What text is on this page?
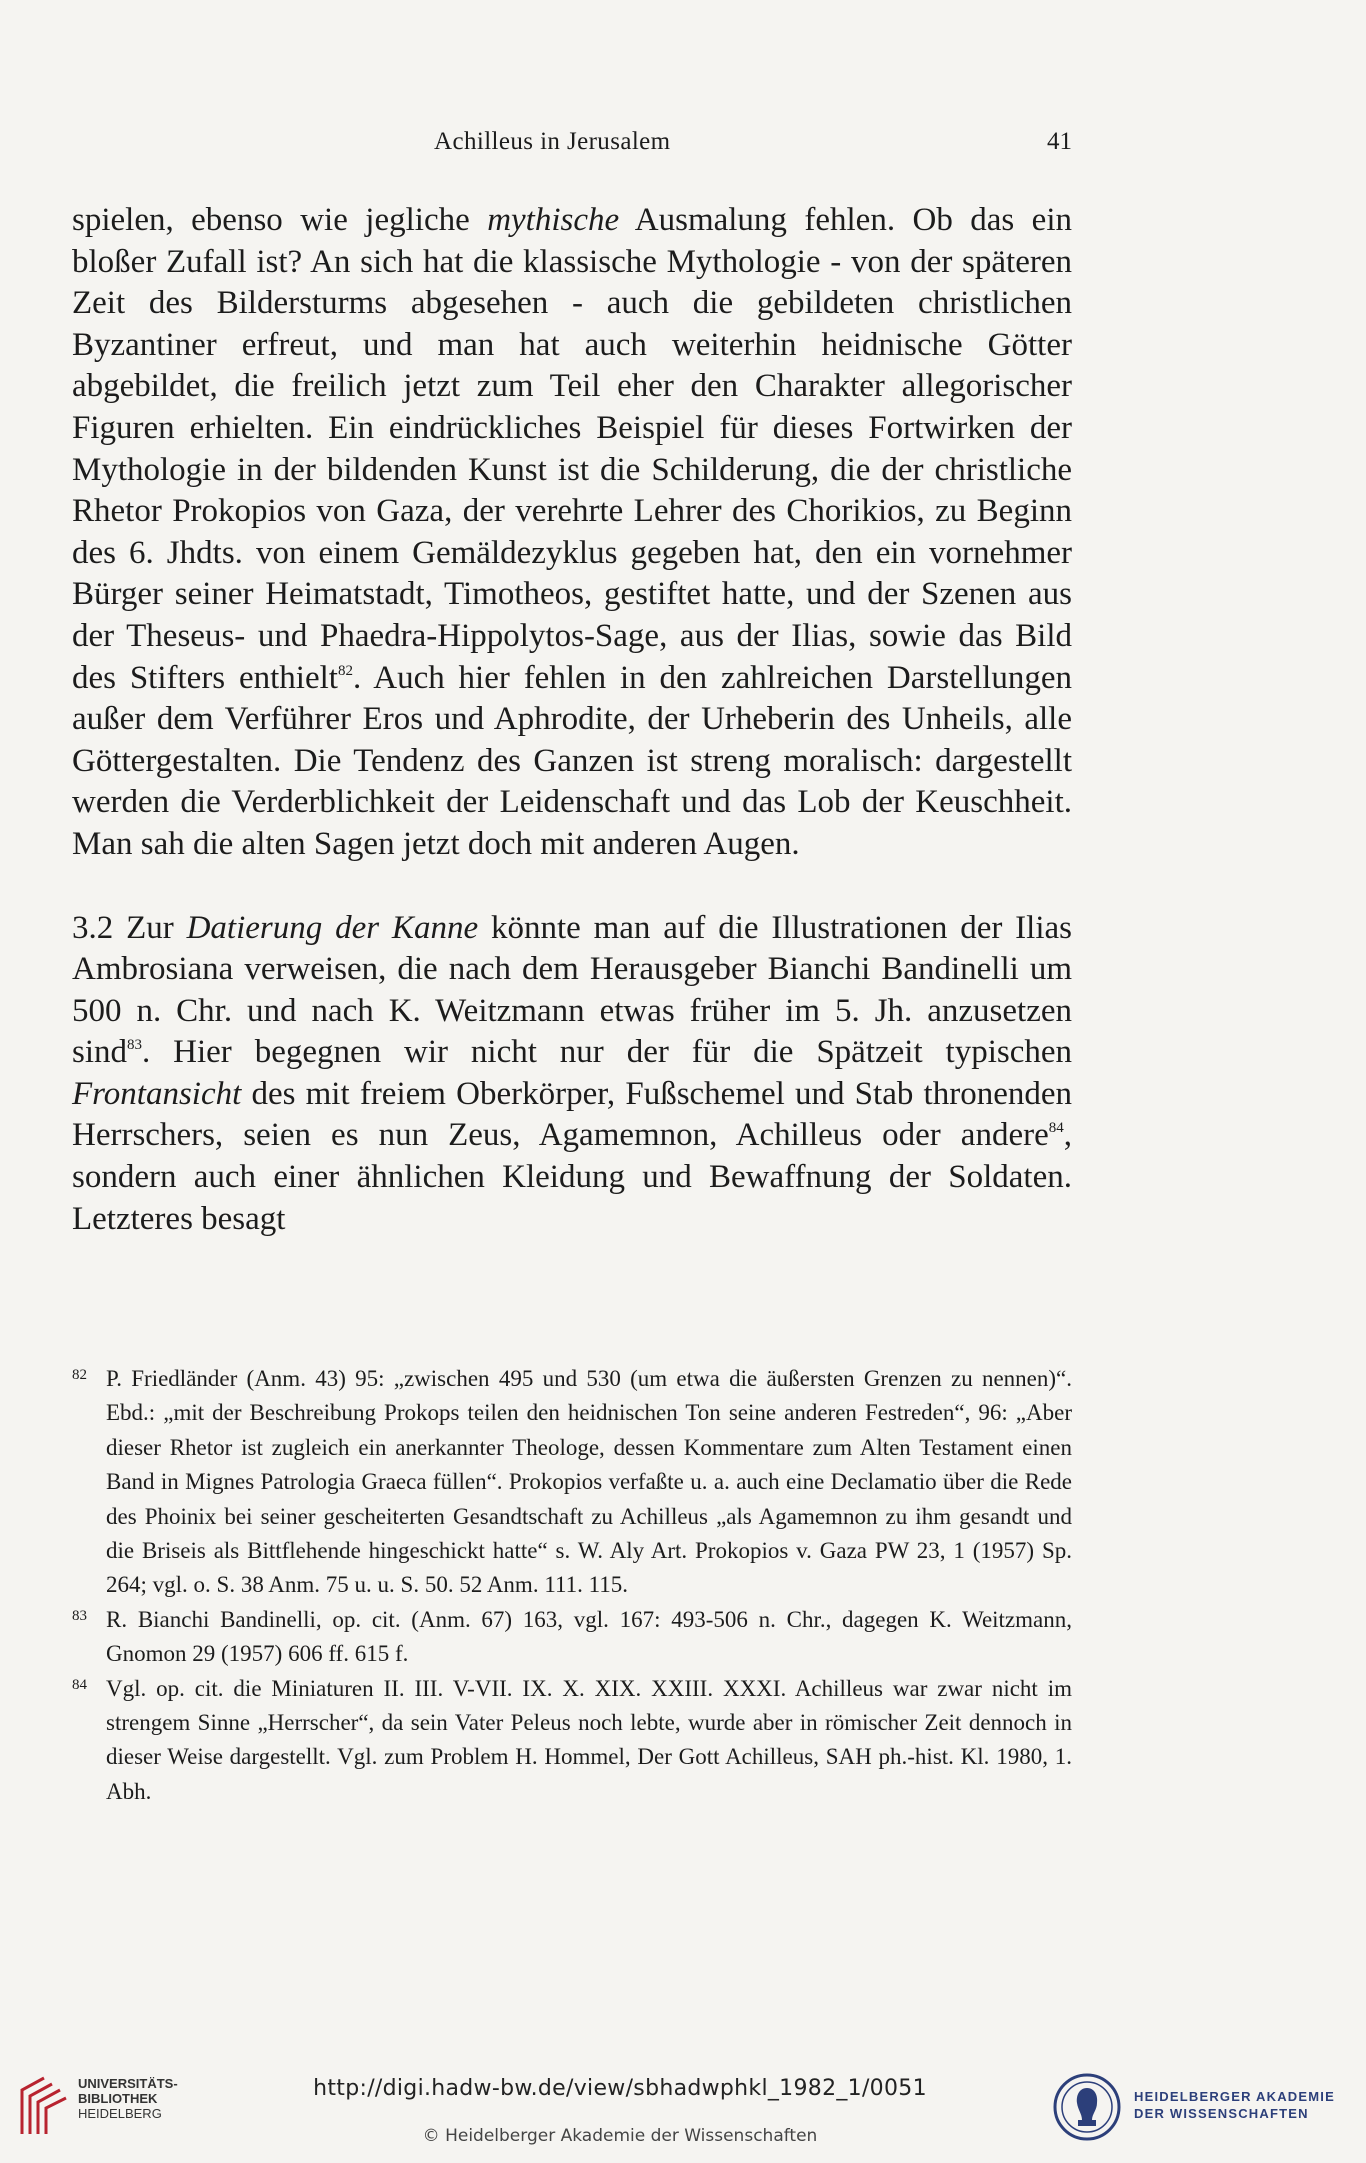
Achilleus in Jerusalem	41

spielen, ebenso wie jegliche mythische Ausmalung fehlen. Ob das ein bloßer Zufall ist? An sich hat die klassische Mythologie - von der späteren Zeit des Bildersturms abgesehen - auch die gebildeten christlichen Byzantiner erfreut, und man hat auch weiterhin heidnische Götter abgebildet, die freilich jetzt zum Teil eher den Charakter allegorischer Figuren erhielten. Ein eindrückliches Beispiel für dieses Fortwirken der Mythologie in der bildenden Kunst ist die Schilderung, die der christliche Rhetor Prokopios von Gaza, der verehrte Lehrer des Chorikios, zu Beginn des 6. Jhdts. von einem Gemäldezyklus gegeben hat, den ein vornehmer Bürger seiner Heimatstadt, Timotheos, gestiftet hatte, und der Szenen aus der Theseus- und Phaedra-Hippolytos-Sage, aus der Ilias, sowie das Bild des Stifters enthielt$^{82}$. Auch hier fehlen in den zahlreichen Darstellungen außer dem Verführer Eros und Aphrodite, der Urheberin des Unheils, alle Göttergestalten. Die Tendenz des Ganzen ist streng moralisch: dargestellt werden die Verderblichkeit der Leidenschaft und das Lob der Keuschheit. Man sah die alten Sagen jetzt doch mit anderen Augen.

3.2 Zur Datierung der Kanne könnte man auf die Illustrationen der Ilias Ambrosiana verweisen, die nach dem Herausgeber Bianchi Bandinelli um 500 n. Chr. und nach K. Weitzmann etwas früher im 5. Jh. anzusetzen sind$^{83}$. Hier begegnen wir nicht nur der für die Spätzeit typischen Frontansicht des mit freiem Oberkörper, Fußschemel und Stab thronenden Herrschers, seien es nun Zeus, Agamemnon, Achilleus oder andere$^{84}$, sondern auch einer ähnlichen Kleidung und Bewaffnung der Soldaten. Letzteres besagt

82 P. Friedländer (Anm. 43) 95: „zwischen 495 und 530 (um etwa die äußersten Grenzen zu nennen)“. Ebd.: „mit der Beschreibung Prokops teilen den heidnischen Ton seine anderen Festreden“, 96: „Aber dieser Rhetor ist zugleich ein anerkannter Theologe, dessen Kommentare zum Alten Testament einen Band in Mignes Patrologia Graeca füllen“. Prokopios verfaßte u. a. auch eine Declamatio über die Rede des Phoinix bei seiner gescheiterten Gesandtschaft zu Achilleus „als Agamemnon zu ihm gesandt und die Briseis als Bittflehende hingeschickt hatte“ s. W. Aly Art. Prokopios v. Gaza PW 23, 1 (1957) Sp. 264; vgl. o. S. 38 Anm. 75 u. u. S. 50. 52 Anm. 111. 115.

83 R. Bianchi Bandinelli, op. cit. (Anm. 67) 163, vgl. 167: 493-506 n. Chr., dagegen K. Weitzmann, Gnomon 29 (1957) 606 ff. 615 f.

84 Vgl. op. cit. die Miniaturen II. III. V-VII. IX. X. XIX. XXIII. XXXI. Achilleus war zwar nicht im strengem Sinne „Herrscher“, da sein Vater Peleus noch lebte, wurde aber in römischer Zeit dennoch in dieser Weise dargestellt. Vgl. zum Problem H. Hommel, Der Gott Achilleus, SAH ph.-hist. Kl. 1980, 1. Abh.

UNIVERSITÄTS-
BIBLIOTHEK
HEIDELBERG
http://digi.hadw-bw.de/view/sbhadwphkl_1982_1/0051
© Heidelberger Akademie der Wissenschaften
HEIDELBERGER AKADEMIE
DER WISSENSCHAFTEN
